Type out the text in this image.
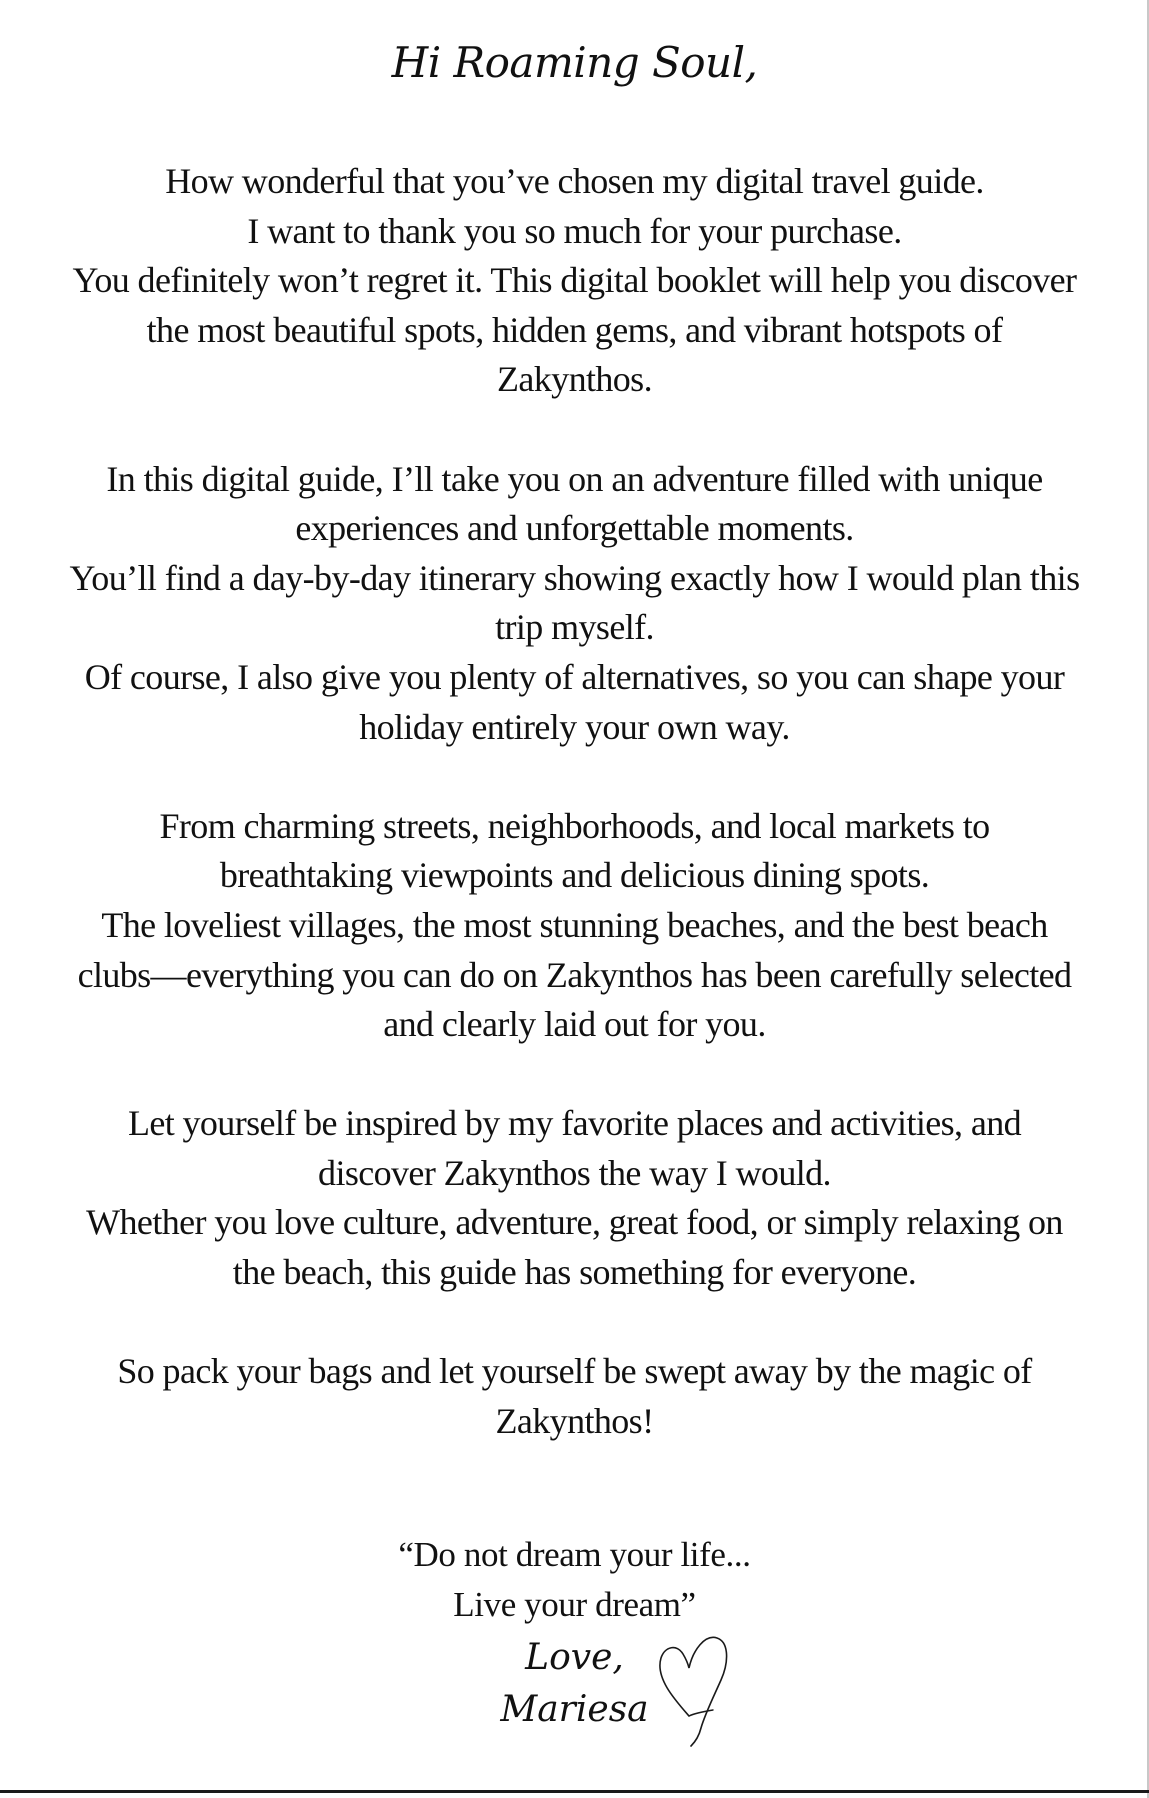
Hi Roaming Soul,
How wonderful that you’ve chosen my digital travel guide.
I want to thank you so much for your purchase.
You definitely won’t regret it. This digital booklet will help you discover
the most beautiful spots, hidden gems, and vibrant hotspots of
Zakynthos.
In this digital guide, I’ll take you on an adventure filled with unique
experiences and unforgettable moments.
You’ll find a day-by-day itinerary showing exactly how I would plan this
trip myself.
Of course, I also give you plenty of alternatives, so you can shape your
holiday entirely your own way.
From charming streets, neighborhoods, and local markets to
breathtaking viewpoints and delicious dining spots.
The loveliest villages, the most stunning beaches, and the best beach
clubs—everything you can do on Zakynthos has been carefully selected
and clearly laid out for you.
Let yourself be inspired by my favorite places and activities, and
discover Zakynthos the way I would.
Whether you love culture, adventure, great food, or simply relaxing on
the beach, this guide has something for everyone.
So pack your bags and let yourself be swept away by the magic of
Zakynthos!
“Do not dream your life...
Live your dream”
Love,
Mariesa
